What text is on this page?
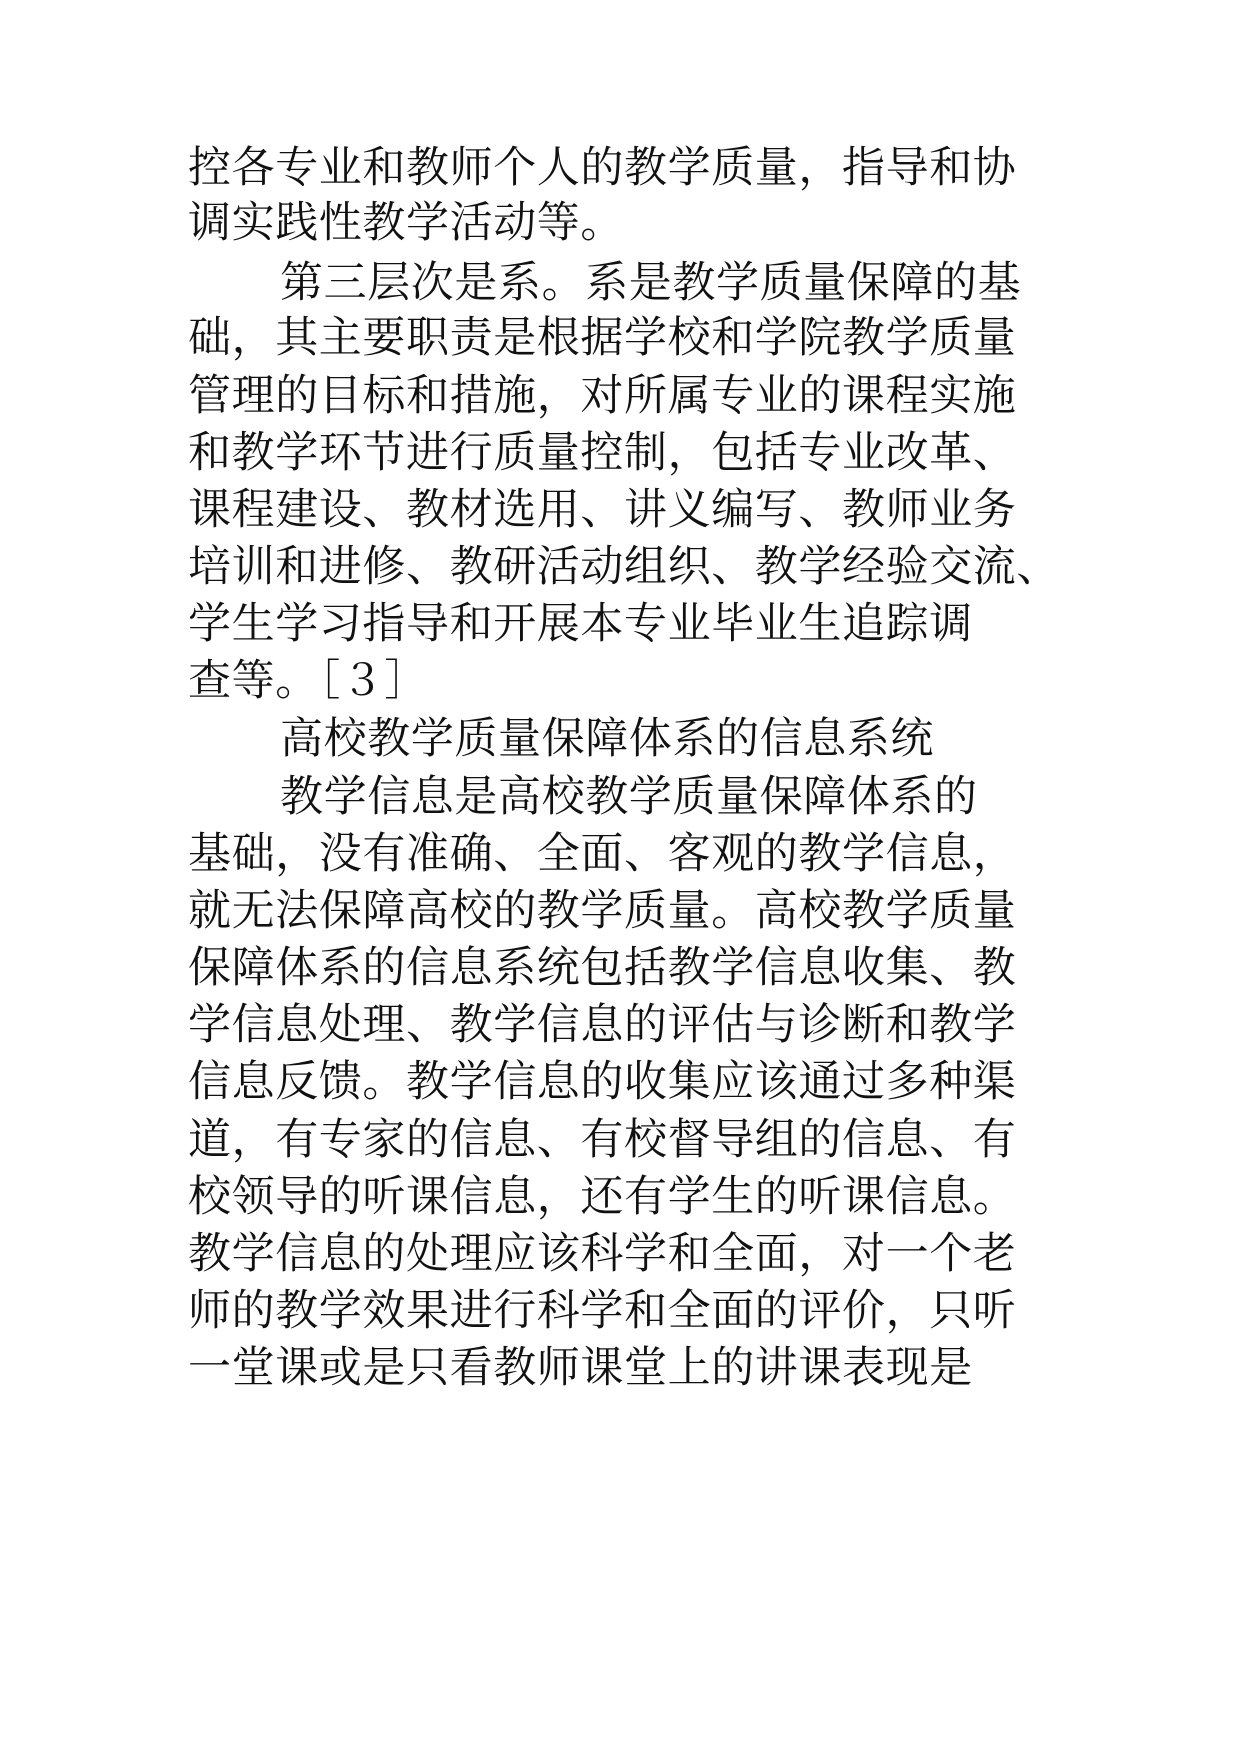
控各专业和教师个人的教学质量，指导和协
调实践性教学活动等。
第三层次是系。系是教学质量保障的基
础，其主要职责是根据学校和学院教学质量
管理的目标和措施，对所属专业的课程实施
和教学环节进行质量控制，包括专业改革、
课程建设、教材选用、讲义编写、教师业务
培训和进修、教研活动组织、教学经验交流、
学生学习指导和开展本专业毕业生追踪调
查等。［３］
高校教学质量保障体系的信息系统
教学信息是高校教学质量保障体系的
基础，没有准确、全面、客观的教学信息，
就无法保障高校的教学质量。高校教学质量
保障体系的信息系统包括教学信息收集、教
学信息处理、教学信息的评估与诊断和教学
信息反馈。教学信息的收集应该通过多种渠
道，有专家的信息、有校督导组的信息、有
校领导的听课信息，还有学生的听课信息。
教学信息的处理应该科学和全面，对一个老
师的教学效果进行科学和全面的评价，只听
一堂课或是只看教师课堂上的讲课表现是
